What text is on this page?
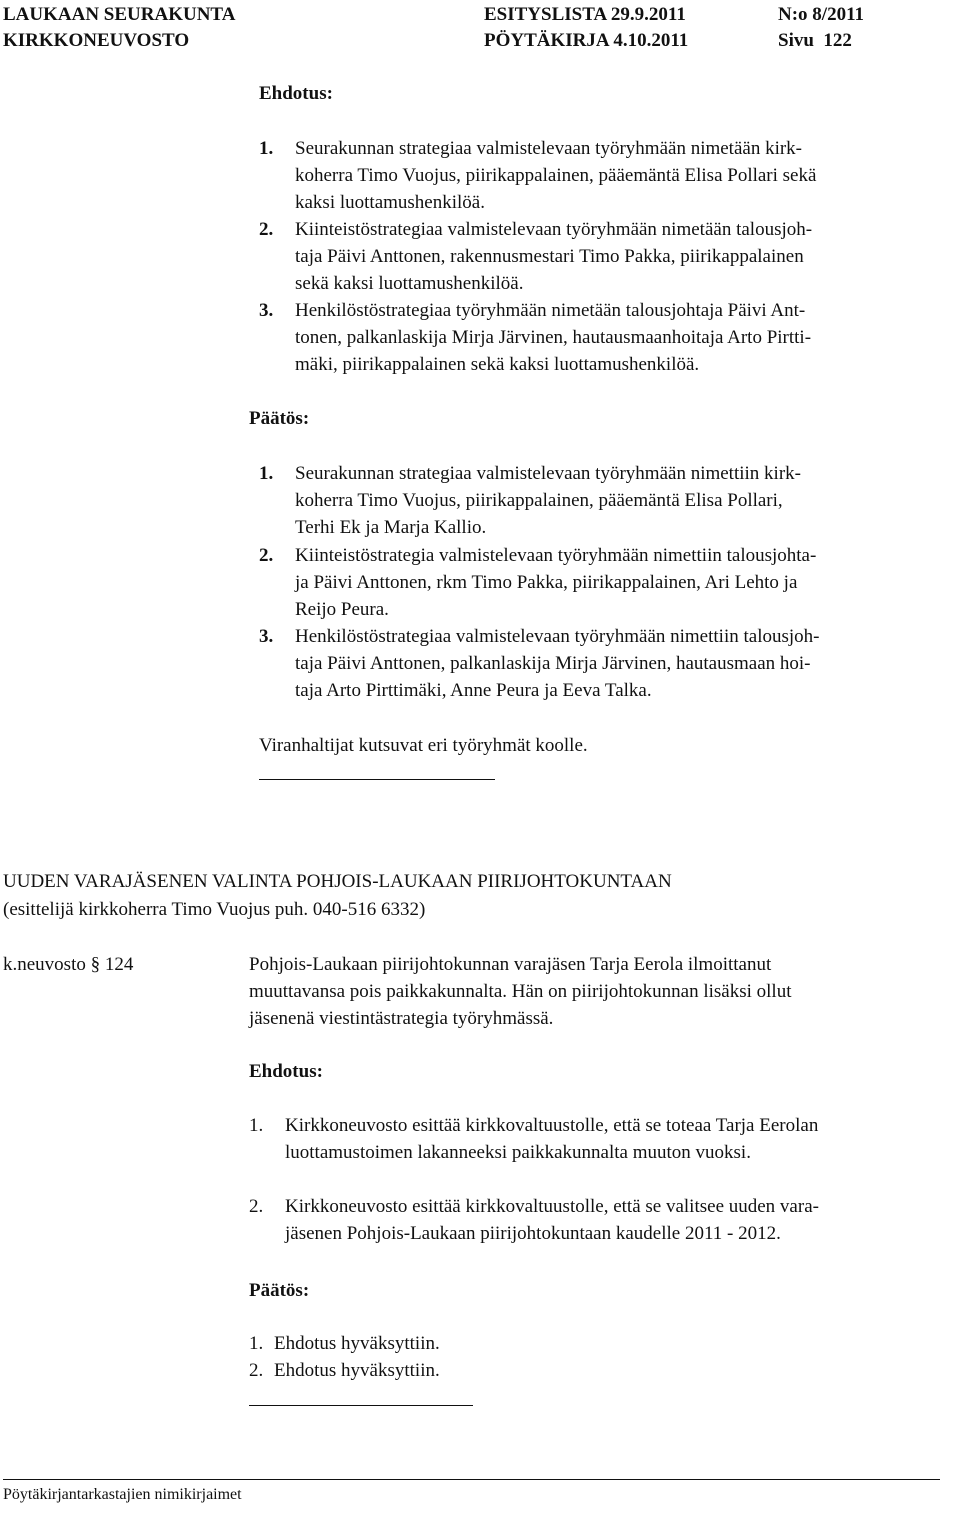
LAUKAAN SEURAKUNTA
KIRKKONEUVOSTO
ESITYSLISTA 29.9.2011
PÖYTÄKIRJA 4.10.2011
N:o 8/2011
Sivu  122
Ehdotus:
1. Seurakunnan strategiaa valmistelevaan työryhmään nimetään kirk-
koherra Timo Vuojus, piirikappalainen, pääemäntä Elisa Pollari sekä
kaksi luottamushenkilöä.
2. Kiinteistöstrategiaa valmistelevaan työryhmään nimetään talousjoh-
taja Päivi Anttonen, rakennusmestari Timo Pakka, piirikappalainen
sekä kaksi luottamushenkilöä.
3. Henkilöstöstrategiaa työryhmään nimetään talousjohtaja Päivi Ant-
tonen, palkanlaskija Mirja Järvinen, hautausmaanhoitaja Arto Pirtti-
mäki, piirikappalainen sekä kaksi luottamushenkilöä.
Päätös:
1. Seurakunnan strategiaa valmistelevaan työryhmään nimettiin kirk-
koherra Timo Vuojus, piirikappalainen, pääemäntä Elisa Pollari,
Terhi Ek ja Marja Kallio.
2. Kiinteistöstrategia valmistelevaan työryhmään nimettiin talousjohta-
ja Päivi Anttonen, rkm Timo Pakka, piirikappalainen, Ari Lehto ja
Reijo Peura.
3. Henkilöstöstrategiaa valmistelevaan työryhmään nimettiin talousjoh-
taja Päivi Anttonen, palkanlaskija Mirja Järvinen, hautausmaan hoi-
taja Arto Pirttimäki, Anne Peura ja Eeva Talka.
Viranhaltijat kutsuvat eri työryhmät koolle.
UUDEN VARAJÄSENEN VALINTA POHJOIS-LAUKAAN PIIRIJOHTOKUNTAAN
(esittelijä kirkkoherra Timo Vuojus puh. 040-516 6332)
k.neuvosto § 124	Pohjois-Laukaan piirijohtokunnan varajäsen Tarja Eerola ilmoittanut
muuttavansa pois paikkakunnalta. Hän on piirijohtokunnan lisäksi ollut
jäsenenä viestintästrategia työryhmässä.
Ehdotus:
1. Kirkkoneuvosto esittää kirkkovaltuustolle, että se toteaa Tarja Eerolan
luottamustoimen lakanneeksi paikkakunnalta muuton vuoksi.
2. Kirkkoneuvosto esittää kirkkovaltuustolle, että se valitsee uuden vara-
jäsenen Pohjois-Laukaan piirijohtokuntaan kaudelle 2011 - 2012.
Päätös:
1. Ehdotus hyväksyttiin.
2. Ehdotus hyväksyttiin.
Pöytäkirjantarkastajien nimikirjaimet
